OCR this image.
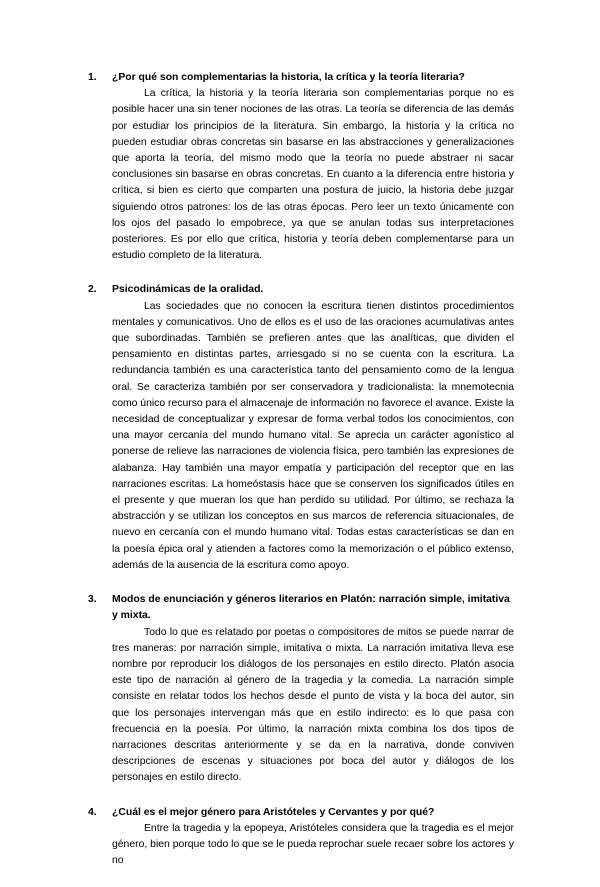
1.	¿Por qué son complementarias la historia, la crítica y la teoría literaria?

La crítica, la historia y la teoría literaria son complementarias porque no es posible hacer una sin tener nociones de las otras. La teoría se diferencia de las demás por estudiar los principios de la literatura. Sin embargo, la historia y la crítica no pueden estudiar obras concretas sin basarse en las abstracciones y generalizaciones que aporta la teoría, del mismo modo que la teoría no puede abstraer ni sacar conclusiones sin basarse en obras concretas. En cuanto a la diferencia entre historia y crítica, si bien es cierto que comparten una postura de juicio, la historia debe juzgar siguiendo otros patrones: los de las otras épocas. Pero leer un texto únicamente con los ojos del pasado lo empobrece, ya que se anulan todas sus interpretaciones posteriores. Es por ello que crítica, historia y teoría deben complementarse para un estudio completo de la literatura.

2.	Psicodinámicas de la oralidad.

Las sociedades que no conocen la escritura tienen distintos procedimientos mentales y comunicativos. Uno de ellos es el uso de las oraciones acumulativas antes que subordinadas. También se prefieren antes que las analíticas, que dividen el pensamiento en distintas partes, arriesgado si no se cuenta con la escritura. La redundancia también es una característica tanto del pensamiento como de la lengua oral. Se caracteriza también por ser conservadora y tradicionalista: la mnemotecnia como único recurso para el almacenaje de información no favorece el avance. Existe la necesidad de conceptualizar y expresar de forma verbal todos los conocimientos, con una mayor cercanía del mundo humano vital. Se aprecia un carácter agonístico al ponerse de relieve las narraciones de violencia física, pero también las expresiones de alabanza. Hay también una mayor empatía y participación del receptor que en las narraciones escritas. La homeóstasis hace que se conserven los significados útiles en el presente y que mueran los que han perdido su utilidad. Por último, se rechaza la abstracción y se utilizan los conceptos en sus marcos de referencia situacionales, de nuevo en cercanía con el mundo humano vital. Todas estas características se dan en la poesía épica oral y atienden a factores como la memorización o el público extenso, además de la ausencia de la escritura como apoyo.

3.	Modos de enunciación y géneros literarios en Platón: narración simple, imitativa y mixta.

Todo lo que es relatado por poetas o compositores de mitos se puede narrar de tres maneras: por narración simple, imitativa o mixta. La narración imitativa lleva ese nombre por reproducir los diálogos de los personajes en estilo directo. Platón asocia este tipo de narración al género de la tragedia y la comedia. La narración simple consiste en relatar todos los hechos desde el punto de vista y la boca del autor, sin que los personajes intervengan más que en estilo indirecto: es lo que pasa con frecuencia en la poesía. Por último, la narración mixta combina los dos tipos de narraciones descritas anteriormente y se da en la narrativa, donde conviven descripciones de escenas y situaciones por boca del autor y diálogos de los personajes en estilo directo.

4.	¿Cuál es el mejor género para Aristóteles y Cervantes y por qué?

Entre la tragedia y la epopeya, Aristóteles considera que la tragedia es el mejor género, bien porque todo lo que se le pueda reprochar suele recaer sobre los actores y no
